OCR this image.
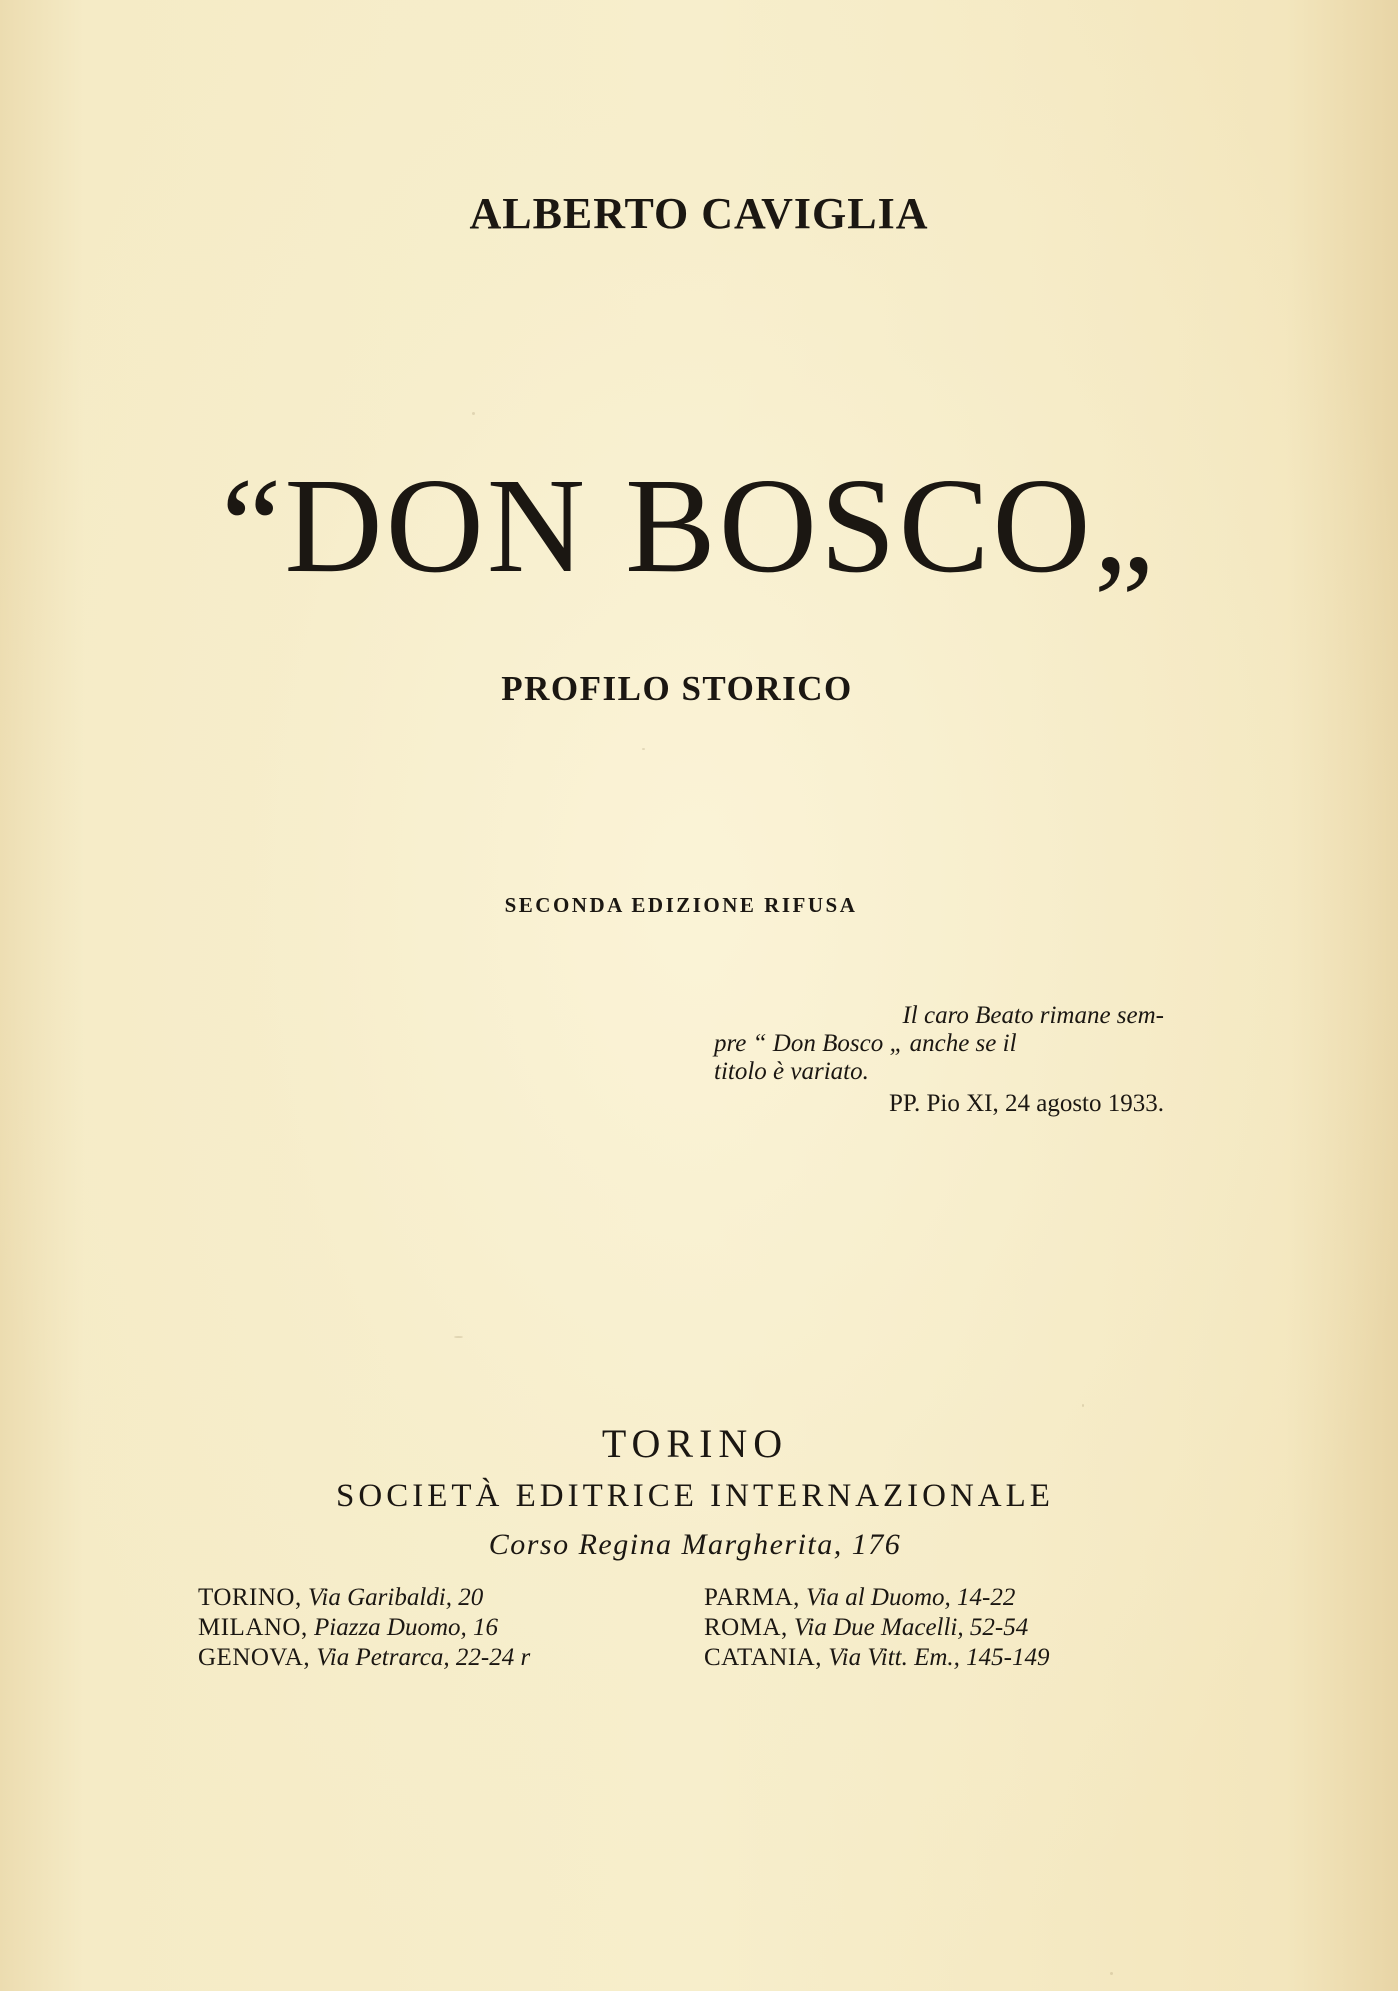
ALBERTO CAVIGLIA
“DON BOSCO„
PROFILO STORICO
SECONDA EDIZIONE RIFUSA
Il caro Beato rimane sem-
pre “ Don Bosco „ anche se il
titolo è variato.
PP. Pio XI, 24 agosto 1933.
TORINO
SOCIETÀ EDITRICE INTERNAZIONALE
Corso Regina Margherita, 176
TORINO, Via Garibaldi, 20
MILANO, Piazza Duomo, 16
GENOVA, Via Petrarca, 22-24 r
PARMA, Via al Duomo, 14-22
ROMA, Via Due Macelli, 52-54
CATANIA, Via Vitt. Em., 145-149
